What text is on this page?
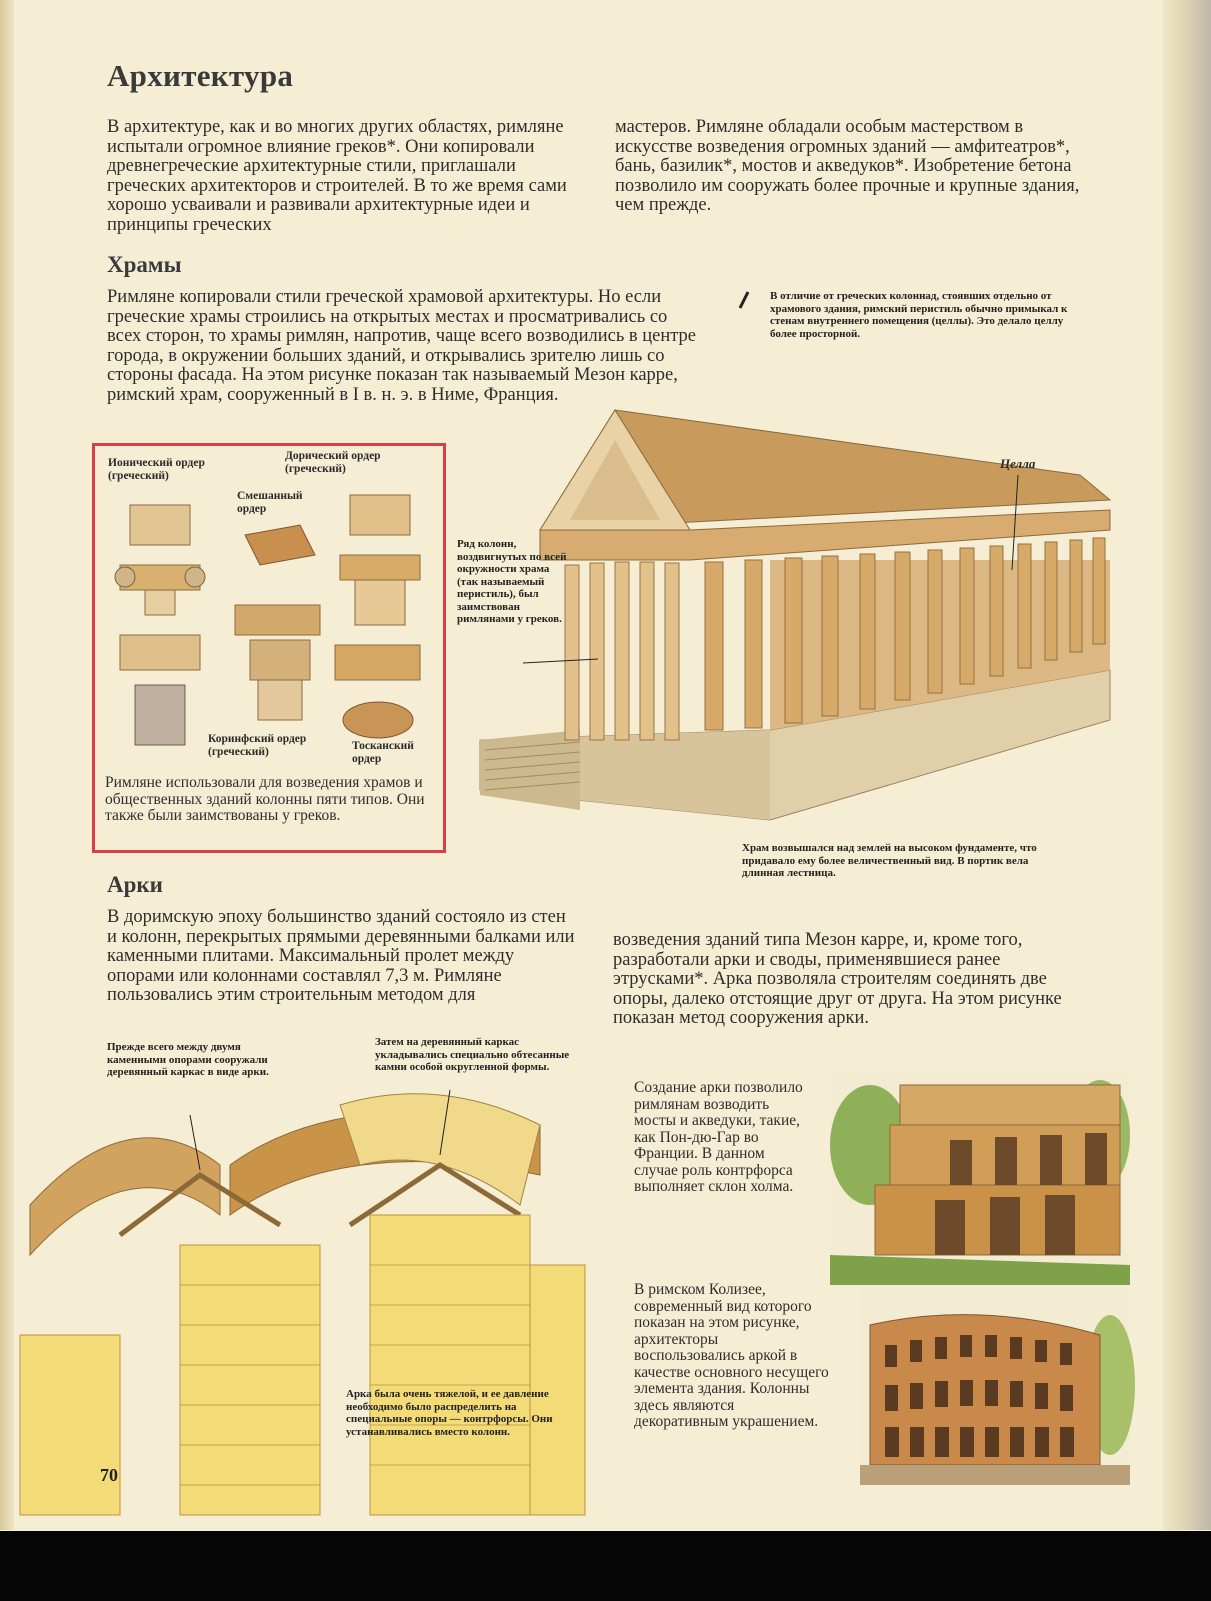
Архитектура

В архитектуре, как и во многих других областях, римляне испытали огромное влияние греков*. Они копировали древнегреческие архитектурные стили, приглашали греческих архитекторов и строителей. В то же время сами хорошо усваивали и развивали архитектурные идеи и принципы греческих

мастеров. Римляне обладали особым мастерством в искусстве возведения огромных зданий — амфитеатров*, бань, базилик*, мостов и акведуков*. Изобретение бетона позволило им сооружать более прочные и крупные здания, чем прежде.

Храмы

Римляне копировали стили греческой храмовой архитектуры. Но если греческие храмы строились на открытых местах и просматривались со всех сторон, то храмы римлян, напротив, чаще всего возводились в центре города, в окружении больших зданий, и открывались зрителю лишь со стороны фасада. На этом рисунке показан так называемый Мезон карре, римский храм, сооруженный в I в. н. э. в Ниме, Франция.

В отличие от греческих колоннад, стоявших отдельно от храмового здания, римский перистиль обычно примыкал к стенам внутреннего помещения (целлы). Это делало целлу более просторной.

Целла

Ряд колонн, воздвигнутых по всей окружности храма (так называемый перистиль), был заимствован римлянами у греков.

Храм возвышался над землей на высоком фундаменте, что придавало ему более величественный вид. В портик вела длинная лестница.

Ионический ордер (греческий)
Дорический ордер (греческий)
Смешанный ордер
Коринфский ордер (греческий)	Тосканский ордер

Римляне использовали для возведения храмов и общественных зданий колонны пяти типов. Они также были заимствованы у греков.

Арки

В доримскую эпоху большинство зданий состояло из стен и колонн, перекрытых прямыми деревянными балками или каменными плитами. Максимальный пролет между опорами или колоннами составлял 7,3 м. Римляне пользовались этим строительным методом для

возведения зданий типа Мезон карре, и, кроме того, разработали арки и своды, применявшиеся ранее этрусками*. Арка позволяла строителям соединять две опоры, далеко отстоящие друг от друга. На этом рисунке показан метод сооружения арки.

Прежде всего между двумя каменными опорами сооружали деревянный каркас в виде арки.

Затем на деревянный каркас укладывались специально обтесанные камни особой округленной формы.

Арка была очень тяжелой, и ее давление необходимо было распределить на специальные опоры — контрфорсы. Они устанавливались вместо колонн.

Создание арки позволило римлянам возводить мосты и акведуки, такие, как Пон-дю-Гар во Франции. В данном случае роль контрфорса выполняет склон холма.

В римском Колизее, современный вид которого показан на этом рисунке, архитекторы воспользовались аркой в качестве основного несущего элемента здания. Колонны здесь являются декоративным украшением.

70
